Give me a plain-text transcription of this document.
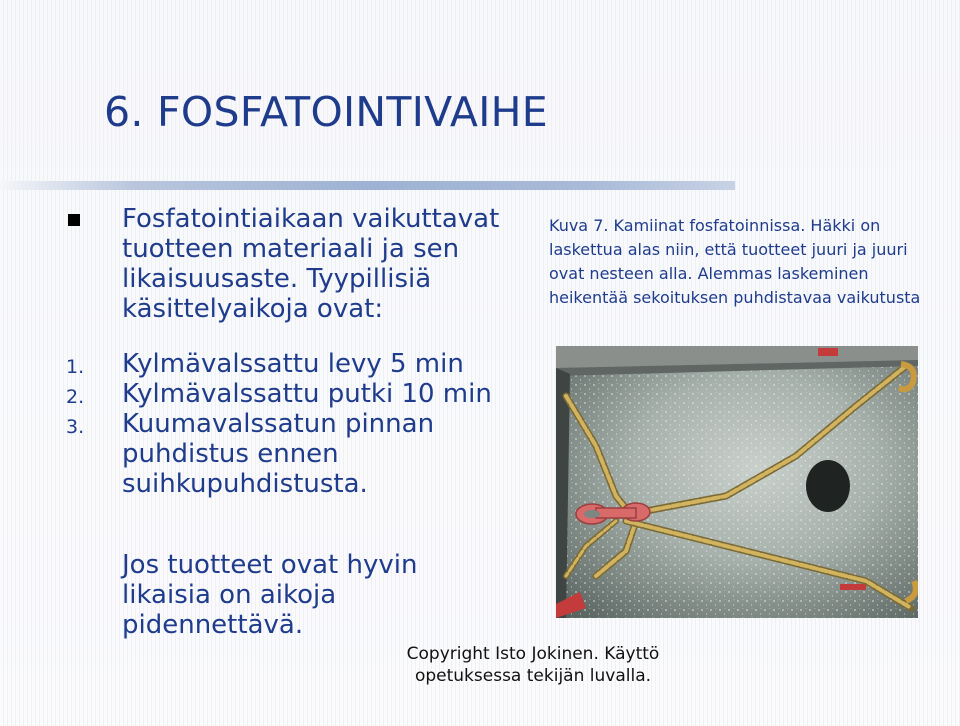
6. FOSFATOINTIVAIHE
Fosfatointiaikaan vaikuttavat tuotteen materiaali ja sen likaisuusaste. Tyypillisiä käsittelyaikoja ovat:
1. Kylmävalssattu levy 5 min
2. Kylmävalssattu putki 10 min
3. Kuumavalssatun pinnan puhdistus ennen suihkupuhdistusta.
Jos tuotteet ovat hyvin likaisia on aikoja pidennettävä.
Kuva 7. Kamiinat fosfatoinnissa. Häkki on laskettua alas niin, että tuotteet juuri ja juuri ovat nesteen alla. Alemmas laskeminen heikentää sekoituksen puhdistavaa vaikutusta
Copyright Isto Jokinen. Käyttö opetuksessa tekijän luvalla.
